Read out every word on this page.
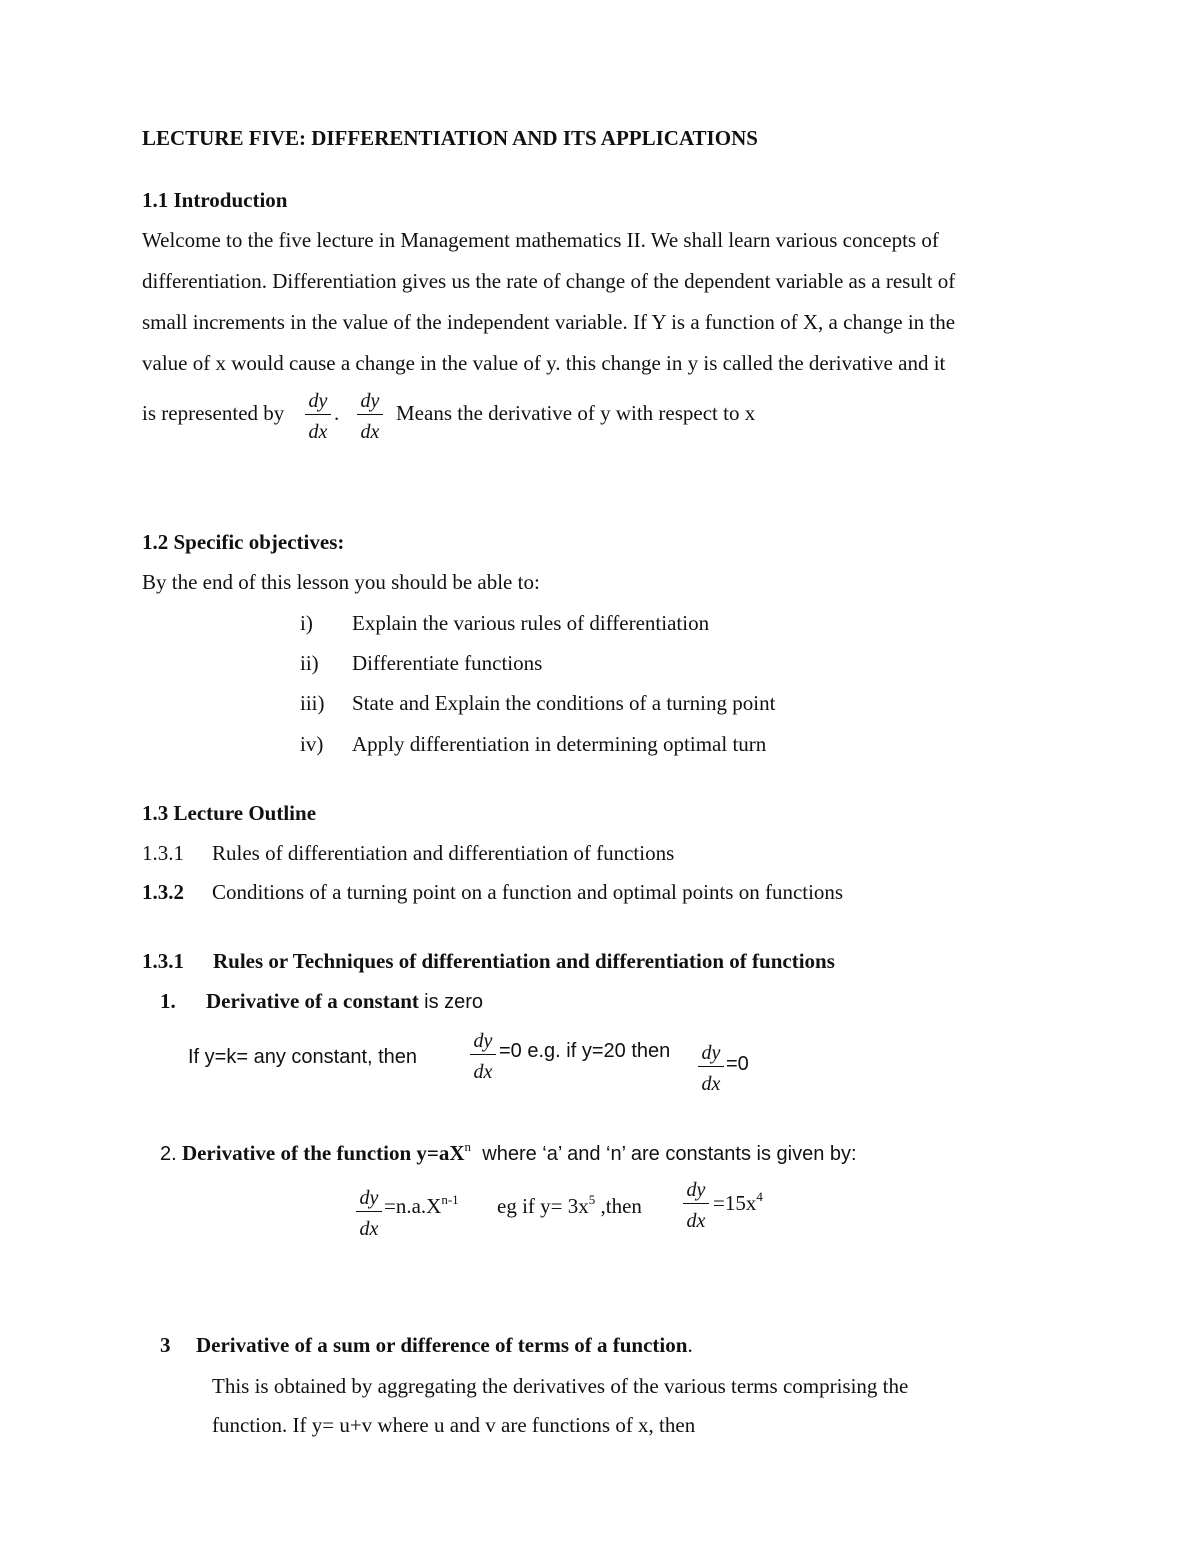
LECTURE FIVE: DIFFERENTIATION AND ITS APPLICATIONS
1.1 Introduction
Welcome to the five lecture in Management mathematics II. We shall learn various concepts of
differentiation. Differentiation gives us the rate of change of the dependent variable as a result of
small increments in the value of the independent variable. If Y is a function of X, a change in the
value of x would cause a change in the value of y. this change in y is called the derivative and it
is represented by $\frac{dy}{dx}$ . $\frac{dy}{dx}$ Means the derivative of y with respect to x
1.2 Specific objectives:
By the end of this lesson you should be able to:
i) Explain the various rules of differentiation
ii) Differentiate functions
iii) State and Explain the conditions of a turning point
iv) Apply differentiation in determining optimal turn
1.3 Lecture Outline
1.3.1 Rules of differentiation and differentiation of functions
1.3.2 Conditions of a turning point on a function and optimal points on functions
1.3.1 Rules or Techniques of differentiation and differentiation of functions
1. Derivative of a constant is zero
If y=k= any constant, then	$\frac{dy}{dx} =0$ e.g. if y=20 then $\frac{dy}{dx} =0$
2. Derivative of the function $y=aX^n$ where ‘a’ and ‘n’ are constants is given by:
$\frac{dy}{dx} =n.a.X^{n-1}$ eg if $y= 3x^5$ ,then $\frac{dy}{dx} =15x^4$
3 Derivative of a sum or difference of terms of a function.
This is obtained by aggregating the derivatives of the various terms comprising the
function. If y= u+v where u and v are functions of x, then
